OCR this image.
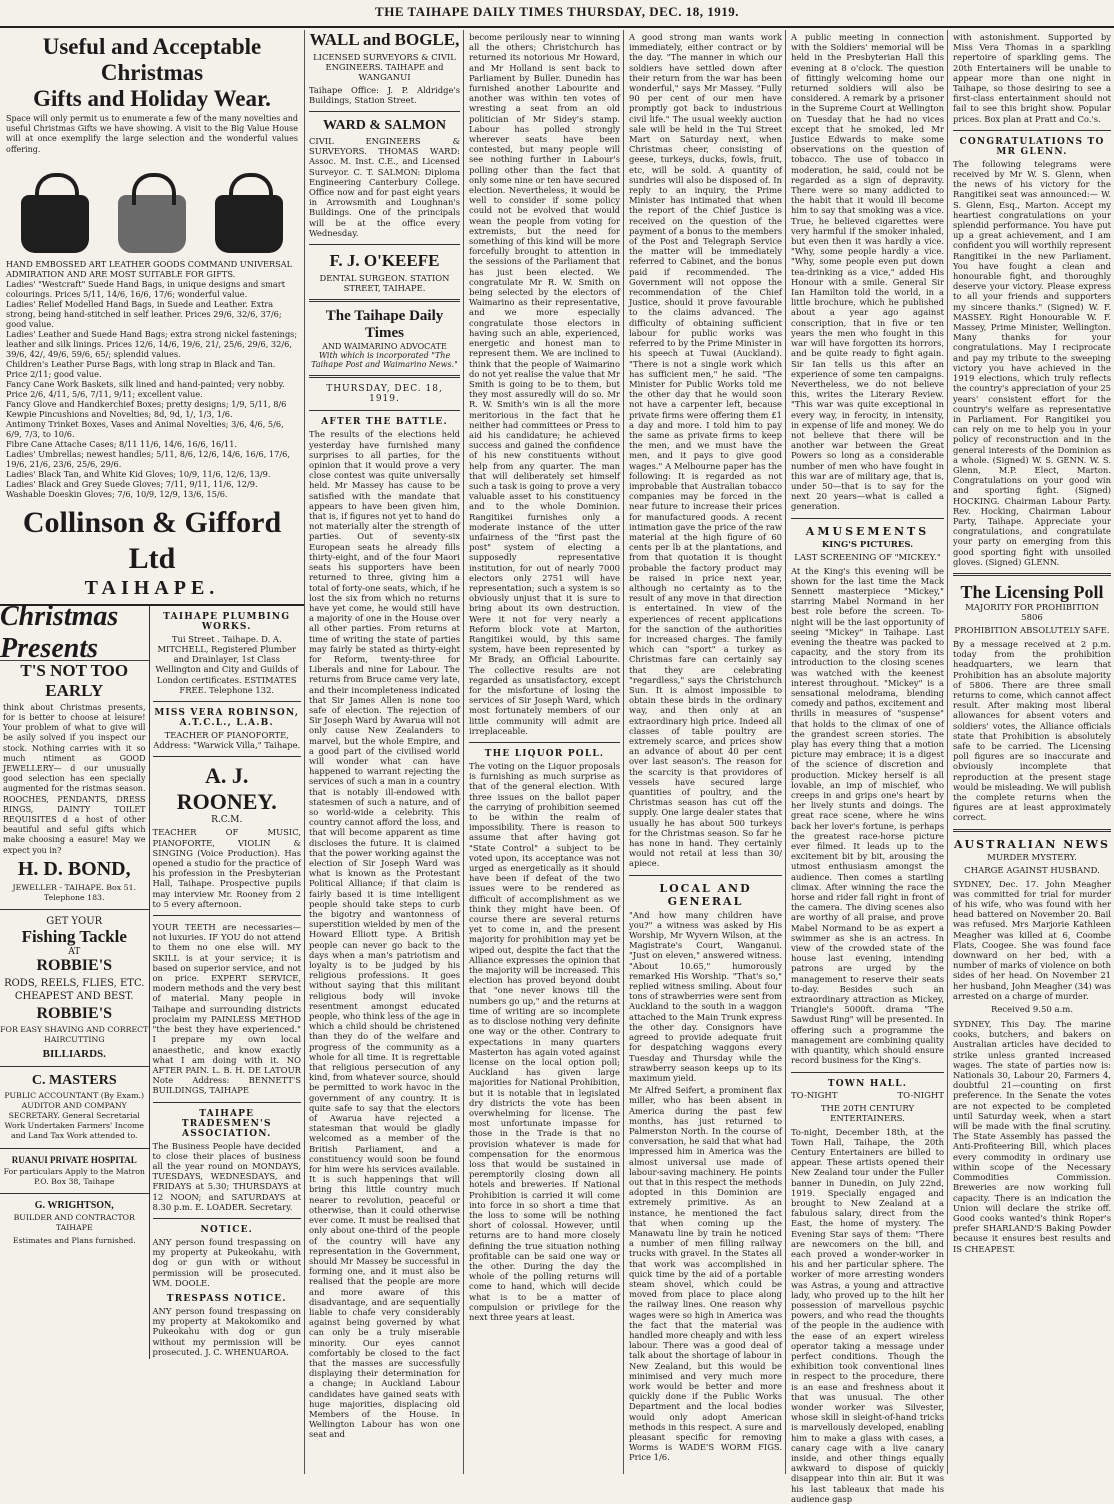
THE TAIHAPE DAILY TIMES THURSDAY, DEC. 18, 1919.
Useful and Acceptable Christmas
Gifts and Holiday Wear.
Space will only permit us to enumerate a few of the many novelties and useful Christmas Gifts we have showing. A visit to the Big Value House will at once exemplify the large selection and the wonderful values offering.
HAND EMBOSSED ART LEATHER GOODS COMMAND UNIVERSAL ADMIRATION AND ARE MOST SUITABLE FOR GIFTS.
Ladies' "Westcraft" Suede Hand Bags, in unique designs and smart colourings. Prices 5/11, 14/6, 16/6, 17/6; wonderful value.
Ladies' Relief Modelled Hand Bags, in Suede and Leather. Extra strong, being hand-stitched in self leather. Prices 29/6, 32/6, 37/6; good value.
Ladies' Leather and Suede Hand Bags; extra strong nickel fastenings; leather and silk linings. Prices 12/6, 14/6, 19/6, 21/, 25/6, 29/6, 32/6, 39/6, 42/, 49/6, 59/6, 65/; splendid values.
Children's Leather Purse Bags, with long strap in Black and Tan. Price 2/11; good value.
Fancy Cane Work Baskets, silk lined and hand-painted; very nobby. Price 2/6, 4/11, 5/6, 7/11, 9/11; excellent value.
Fancy Glove and Handkerchief Boxes; pretty designs; 1/9, 5/11, 8/6
Kewpie Pincushions and Novelties; 8d, 9d, 1/, 1/3, 1/6.
Antimony Trinket Boxes, Vases and Animal Novelties; 3/6, 4/6, 5/6, 6/9, 7/3, to 10/6.
Fibre Cane Attache Cases; 8/11 11/6, 14/6, 16/6, 16/11.
Ladies' Umbrellas; newest handles; 5/11, 8/6, 12/6, 14/6, 16/6, 17/6, 19/6, 21/6, 23/6, 25/6, 29/6.
Ladies' Black Tan, and White Kid Gloves; 10/9, 11/6, 12/6, 13/9.
Ladies' Black and Grey Suede Gloves; 7/11, 9/11, 11/6, 12/9.
Washable Doeskin Gloves; 7/6, 10/9, 12/9, 13/6, 15/6.
Collinson & Gifford Ltd
TAIHAPE.
Christmas Presents
T'S NOT TOO EARLY
think about Christmas presents, for is better to choose at leisure! Your problem of what to give will be asily solved if you inspect our stock. Nothing carries with it so much ntiment as GOOD JEWELLERY— d our unusually good selection has een specially augmented for the ristmas season. ROOCHES, PENDANTS, DRESS RINGS, DAINTY TOILET REQUISITES d a host of other beautiful and seful gifts which make choosing a easure! May we expect you in?
H. D. BOND,
JEWELLER - TAIHAPE. Box 51. Telephone 183.
GET YOUR
Fishing Tackle
AT
ROBBIE'S
RODS, REELS, FLIES, ETC. CHEAPEST AND BEST.
ROBBIE'S
FOR EASY SHAVING AND CORRECT HAIRCUTTING
BILLIARDS.
C. MASTERS
PUBLIC ACCOUNTANT (By Exam.) AUDITOR AND COMPANY SECRETARY. General Secretarial Work Undertaken Farmers' Income and Land Tax Work attended to.
RUANUI PRIVATE HOSPITAL
For particulars Apply to the Matron P.O. Box 38, Taihape
G. WRIGHTSON,
BUILDER AND CONTRACTOR TAIHAPE
Estimates and Plans furnished.
TAIHAPE PLUMBING WORKS.
Tui Street . Taihape. D. A. MITCHELL, Registered Plumber and Drainlayer, 1st Class Wellington and City and Guilds of London certificates. ESTIMATES FREE. Telephone 132.
MISS VERA ROBINSON, A.T.C.L., L.A.B.
TEACHER OF PIANOFORTE, Address: "Warwick Villa," Taihape.
A. J. ROONEY.
R.C.M.
TEACHER OF MUSIC, PIANOFORTE, VIOLIN & SINGING (Voice Production). Has opened a studio for the practice of his profession in the Presbyterian Hall, Taihape. Prospective pupils may interview Mr. Rooney from 2 to 5 every afternoon.
YOUR TEETH are necessaries—not luxuries. IF YOU do not attend to them no one else will. MY SKILL is at your service; it is based on superior service, and not on price. EXPERT SERVICE, modern methods and the very best of material. Many people in Taihape and surrounding districts proclaim my PAINLESS METHOD "the best they have experienced." I prepare my own local anaesthetic, and know exactly what I am doing with it. NO AFTER PAIN. L. B. H. DE LATOUR Note Address: BENNETT'S BUILDINGS, TAIHAPE
TAIHAPE TRADESMEN'S ASSOCIATION.
The Business People have decided to close their places of business all the year round on MONDAYS, TUESDAYS, WEDNESDAYS, and FRIDAYS at 5.30; THURSDAYS at 12 NOON; and SATURDAYS at 8.30 p.m. E. LOADER. Secretary.
NOTICE.
ANY person found trespassing on my property at Pukeokahu, with dog or gun with or without permission will be prosecuted. WM. DOOLE.
TRESPASS NOTICE.
ANY person found trespassing on my property at Makokomiko and Pukeokahu with dog or gun without my permission will be prosecuted. J. C. WHENUAROA.
WALL and BOGLE,
LICENSED SURVEYORS & CIVIL ENGINEERS. TAIHAPE and WANGANUI
Taihape Office: J. P. Aldridge's Buildings, Station Street.
WARD & SALMON
CIVIL ENGINEERS & SURVEYORS. THOMAS WARD: Assoc. M. Inst. C.E., and Licensed Surveyor. C. T. SALMON: Diploma Engineering Canterbury College. Office now and for past eight years in Arrowsmith and Loughnan's Buildings. One of the principals will be at the office every Wednesday.
F. J. O'KEEFE
DENTAL SURGEON. STATION STREET, TAIHAPE.
The Taihape Daily Times
AND WAIMARINO ADVOCATE
With which is incorporated "The Taihape Post and Waimarino News."
THURSDAY, DEC. 18, 1919.
AFTER THE BATTLE.
The results of the elections held yesterday have furnished many surprises to all parties, for the opinion that it would prove a very close contest was quite universally held. Mr Massey has cause to be satisfied with the mandate that appears to have been given him, that is, if figures not yet to hand do not materially alter the strength of parties. Out of seventy-six European seats he already fills thirty-eight, and of the four Maori seats his supporters have been returned to three, giving him a total of forty-one seats, which, if he lost the six from which no returns have yet come, he would still have a majority of one in the House over all other parties. From returns at time of writing the state of parties may fairly be stated as thirty-eight for Reform, twenty-three for Liberals and nine for Labour. The returns from Bruce came very late, and their incompleteness indicated that Sir James Allen is none too safe of election. The rejection of Sir Joseph Ward by Awarua will not only cause New Zealanders to marvel, but the whole Empire, and a good part of the civilised world will wonder what can have happened to warrant rejecting the services of such a man in a country that is notably ill-endowed with statesmen of such a nature, and of so world-wide a celebrity. This country cannot afford the loss, and that will become apparent as time discloses the future. It is claimed that the power working against the election of Sir Joseph Ward was what is known as the Protestant Political Alliance; if that claim is fairly based it is time intelligent people should take steps to curb the bigotry and wantonness of superstition wielded by men of the Howard Elliott type. A British people can never go back to the days when a man's patriotism and loyalty is to be judged by his religious professions. It goes without saying that this militant religious body will invoke resentment amongst educated people, who think less of the age in which a child should be christened than they do of the welfare and progress of the community as a whole for all time. It is regrettable that religious persecution of any kind, from whatever source, should be permitted to work havoc in the government of any country. It is quite safe to say that the electors of Awarua have rejected a statesman that would be gladly welcomed as a member of the British Parliament, and a constituency would soon be found for him were his services available. It is such happenings that will bring this little country much nearer to revolution, peaceful or otherwise, than it could otherwise ever come. It must be realised that only about one-third of the people of the country will have any representation in the Government, should Mr Massey be successful in forming one, and it must also be realised that the people are more and more aware of this disadvantage, and are sequentially liable to chafe very considerably against being governed by what can only be a truly miserable minority. Our eyes cannot comfortably be closed to the fact that the masses are successfully displaying their determination for a change; in Auckland Labour candidates have gained seats with huge majorities, displacing old Members of the House. In Wellington Labour has won one seat and
become perilously near to winning all the others; Christchurch has returned its notorious Mr Howard, and Mr Holland is sent back to Parliament by Buller. Dunedin has furnished another Labourite and another was within ten votes of wresting a seat from an old politician of Mr Sidey's stamp. Labour has polled strongly wherever seats have been contested, but many people will see nothing further in Labour's polling other than the fact that only some nine or ten have secured election. Nevertheless, it would be well to consider if some policy could not be evolved that would wean the people from voting for extremists, but the need for something of this kind will be more forcefully brought to attention in the sessions of the Parliament that has just been elected. We congratulate Mr R. W. Smith on being selected by the electors of Waimarino as their representative, and we more especially congratulate those electors in having such an able, experienced, energetic and honest man to represent them. We are inclined to think that the people of Waimarino do not yet realise the value that Mr Smith is going to be to them, but they most assuredly will do so. Mr R. W. Smith's win is all the more meritorious in the fact that he neither had committees or Press to aid his candidature; he achieved success and gained the confidence of his new constituents without help from any quarter. The man that will deliberately set himself such a task is going to prove a very valuable asset to his constituency and to the whole Dominion. Rangitikei furnishes only a moderate instance of the utter unfairness of the "first past the post" system of electing a supposedly representative institution, for out of nearly 7000 electors only 2751 will have representation; such a system is so obviously unjust that it is sure to bring about its own destruction. Were it not for very nearly a Reform block vote at Marton, Rangitikei would, by this same system, have been represented by Mr Brady, an Official Labourite. The collective results are not regarded as unsatisfactory, except for the misfortune of losing the services of Sir Joseph Ward, which most fortunately members of our little community will admit are irreplaceable.
THE LIQUOR POLL.
The voting on the Liquor proposals is furnishing as much surprise as that of the general election. With three issues on the ballot paper the carrying of prohibition seemed to be within the realm of impossibility. There is reason to assume that after having got "State Control" a subject to be voted upon, its acceptance was not urged as energetically as it should have been if defeat of the two issues were to be rendered as difficult of accomplishment as we think they might have been. Of course there are several returns yet to come in, and the present majority for prohibition may yet be wiped out, despite the fact that the Alliance expresses the opinion that the majority will be increased. This election has proved beyond doubt that "one never knows till the numbers go up," and the returns at time of writing are so incomplete as to disclose nothing very definite one way or the other. Contrary to expectations in many quarters Masterton has again voted against license on the local option poll; Auckland has given large majorities for National Prohibition, but it is notable that in legislated dry districts the vote has been overwhelming for license. The most unfortunate impasse for those in the Trade is that no provision whatever is made for compensation for the enormous loss that would be sustained in peremptorily closing down all hotels and breweries. If National Prohibition is carried it will come into force in so short a time that the loss to some will be nothing short of colossal. However, until returns are to hand more closely defining the true situation nothing profitable can be said one way or the other. During the day the whole of the polling returns will come to hand, which will decide what is to be a matter of compulsion or privilege for the next three years at least.
A good strong man wants work immediately, either contract or by the day. "The manner in which our soldiers have settled down after their return from the war has been wonderful," says Mr Massey. "Fully 90 per cent of our men have promptly got back to industrious civil life." The usual weekly auction sale will be held in the Tui Street Mart on Saturday next, when Christmas cheer, consisting of geese, turkeys, ducks, fowls, fruit, etc, will be sold. A quantity of sundries will also be disposed of. In reply to an inquiry, the Prime Minister has intimated that when the report of the Chief Justice is received on the question of the payment of a bonus to the members of the Post and Telegraph Service the matter will be immediately referred to Cabinet, and the bonus paid if recommended. The Government will not oppose the recommendation of the Chief Justice, should it prove favourable to the claims advanced. The difficulty of obtaining sufficient labour for public works was referred to by the Prime Minister in his speech at Tuwai (Auckland). "There is not a single work which has sufficient men," he said. "The Minister for Public Works told me the other day that he would soon not have a carpenter left, because private firms were offering them £1 a day and more. I told him to pay the same as private firms to keep the men, and we must have the men, and it pays to give good wages." A Melbourne paper has the following: It is regarded as not improbable that Australian tobacco companies may be forced in the near future to increase their prices for manufactured goods. A recent intimation gave the price of the raw material at the high figure of 60 cents per lb at the plantations, and from that quotation it is thought probable the factory product may be raised in price next year, although no certainty as to the result of any move in that direction is entertained. In view of the experiences of recent applications for the sanction of the authorities for increased charges. The family which can "sport" a turkey as Christmas fare can certainly say that they are celebrating "regardless," says the Christchurch Sun. It is almost impossible to obtain these birds in the ordinary way, and then only at an extraordinary high price. Indeed all classes of table poultry are extremely scarce, and prices show an advance of about 40 per cent over last season's. The reason for the scarcity is that providores of vessels have secured large quantities of poultry, and the Christmas season has cut off the supply. One large dealer states that usually he has about 500 turkeys for the Christmas season. So far he has none in hand. They certainly would not retail at less than 30/ apiece.
LOCAL AND GENERAL
"And how many children have you?" a witness was asked by His Worship, Mr Wyvern Wilson, at the Magistrate's Court, Wanganui. "Just on eleven," answered witness. "About 10.65," humorously remarked His Worship. "That's so," replied witness smiling. About four tons of strawberries were sent from Auckland to the south in a waggon attached to the Main Trunk express the other day. Consignors have agreed to provide adequate fruit for despatching waggons every Tuesday and Thursday while the strawberry season keeps up to its maximum yield.
Mr Alfred Seifert, a prominent flax miller, who has been absent in America during the past few months, has just returned to Palmerston North. In the course of conversation, he said that what had impressed him in America was the almost universal use made of labour-saving machinery. He points out that in this respect the methods adopted in this Dominion are extremely primitive. As an instance, he mentioned the fact that when coming up the Manawatu line by train he noticed a number of men filling railway trucks with gravel. In the States all that work was accomplished in quick time by the aid of a portable steam shovel, which could be moved from place to place along the railway lines. One reason why wages were so high in America was the fact that the material was handled more cheaply and with less labour. There was a good deal of talk about the shortage of labour in New Zealand, but this would be minimised and very much more work would be better and more quickly done if the Public Works Department and the local bodies would only adopt American methods in this respect. A sure and pleasant specific for removing Worms is WADE'S WORM FIGS. Price 1/6.
A public meeting in connection with the Soldiers' memorial will be held in the Presbyterian Hall this evening at 8 o'clock. The question of fittingly welcoming home our returned soldiers will also be considered. A remark by a prisoner in the Supreme Court at Wellington on Tuesday that he had no vices except that he smoked, led Mr Justice Edwards to make some observations on the question of tobacco. The use of tobacco in moderation, he said, could not be regarded as a sign of depravity. There were so many addicted to the habit that it would ill become him to say that smoking was a vice. True, he believed cigarettes were very harmful if the smoker inhaled, but even then it was hardly a vice. "Why, some people hardly a vice. "Why, some people even put down tea-drinking as a vice," added His Honour with a smile. General Sir Ian Hamilton told the world, in a little brochure, which he published about a year ago against conscription, that in five or ten years the men who fought in this war will have forgotten its horrors, and be quite ready to fight again. Sir Ian tells us this after an experience of some ten campaigns. Nevertheless, we do not believe this, writes the Literary Review. "This war was quite exceptional in every way, in ferocity, in intensity, in expense of life and money. We do not believe that there will be another war between the Great Powers so long as a considerable number of men who have fought in this war are of military age, that is, under 50—that is to say for the next 20 years—what is called a generation.
AMUSEMENTS
KING'S PICTURES.
LAST SCREENING OF "MICKEY."
At the King's this evening will be shown for the last time the Mack Sennett masterpiece "Mickey," starring Mabel Normand in her best role before the screen. To-night will be the last opportunity of seeing "Mickey" in Taihape. Last evening the theatre was packed to capacity, and the story from its introduction to the closing scenes was watched with the keenest interest throughout. "Mickey" is a sensational melodrama, blending comedy and pathos, excitement and thrills in measures of "suspense" that holds to the climax of one of the grandest screen stories. The play has every thing that a motion picture may embrace; it is a digest of the science of discretion and production. Mickey herself is all lovable, an imp of mischief, who creeps in and grips one's heart by her lively stunts and doings. The great race scene, where he wins back her lover's fortune, is perhaps the greatest race-horse picture ever filmed. It leads up to the excitement bit by bit, arousing the utmost enthusiasm amongst the audience. Then comes a startling climax. After winning the race the horse and rider fall right in front of the camera. The diving scenes also are worthy of all praise, and prove Mabel Normand to be as expert a swimmer as she is an actress. In view of the crowded state of the house last evening, intending patrons are urged by the management to reserve their seats to-day. Besides such an extraordinary attraction as Mickey, Triangle's 5000ft. drama "The Sawdust Ring" will be presented. In offering such a programme the management are combining quality with quantity, which should ensure record business for the King's.
TOWN HALL.
TO-NIGHT	TO-NIGHT
THE 20TH CENTURY ENTERTAINERS.
To-night, December 18th, at the Town Hall, Taihape, the 20th Century Entertainers are billed to appear. These artists opened their New Zealand tour under the Fuller banner in Dunedin, on July 22nd, 1919. Specially engaged and brought to New Zealand at a fabulous salary, direct from the East, the home of mystery. The Evening Star says of them: "There are newcomers on the bill, and each proved a wonder-worker in his and her particular sphere. The worker of more arresting wonders was Astras, a young and attractive lady, who proved up to the hilt her possession of marvellous psychic powers, and who read the thoughts of the people in the audience with the ease of an expert wireless operator taking a message under perfect conditions. Though the exhibition took conventional lines in respect to the procedure, there is an ease and freshness about it that was unusual. The other wonder worker was Silvester, whose skill in sleight-of-hand tricks is marvellously developed, enabling him to make a glass with cases, a canary cage with a live canary inside, and other things equally awkward to dispose of quickly disappear into thin air. But it was his last tableaux that made his audience gasp
with astonishment. Supported by Miss Vera Thomas in a sparkling repertoire of sparkling gems. The 20th Entertainers will be unable to appear more than one night in Taihape, so those desiring to see a first-class entertainment should not fail to see this bright show. Popular prices. Box plan at Pratt and Co.'s.
CONGRATULATIONS TO MR GLENN.
The following telegrams were received by Mr W. S. Glenn, when the news of his victory for the Rangitikei seat was announced:— W. S. Glenn, Esq., Marton. Accept my heartiest congratulations on your splendid performance. You have put up a great achievement, and I am confident you will worthily represent Rangitikei in the new Parliament. You have fought a clean and honourable fight, and thoroughly deserve your victory. Please express to all your friends and supporters my sincere thanks." (Signed) W. F. MASSEY. Right Honourable W. F. Massey, Prime Minister, Wellington. Many thanks for your congratulations. May I reciprocate and pay my tribute to the sweeping victory you have achieved in the 1919 elections, which truly reflects the country's appreciation of your 25 years' consistent effort for the country's welfare as representative in Parliament. For Rangitikei you can rely on me to help you in your policy of reconstruction and in the general interests of the Dominion as a whole. (Signed) W. S. GENN. W. S. Glenn, M.P. Elect, Marton. Congratulations on your good win and sporting fight. (Signed) HOCKING. Chairman Labour Party. Rev. Hocking, Chairman Labour Party, Taihape. Appreciate your congratulations, and congratulate your party on emerging from this good sporting fight with unsoiled gloves. (Signed) GLENN.
The Licensing Poll
MAJORITY FOR PROHIBITION 5806
PROHIBITION ABSOLUTELY SAFE.
By a message received at 2 p.m. today from the prohibition headquarters, we learn that Prohibition has an absolute majority of 5806. There are three small returns to come, which cannot affect result. After making most liberal allowances for absent voters and soldiers' votes, the Alliance officials state that Prohibition is absolutely safe to be carried. The Licensing poll figures are so inaccurate and obviously incomplete that reproduction at the present stage would be misleading. We will publish the complete returns when the figures are at least approximately correct.
AUSTRALIAN NEWS
MURDER MYSTERY.
CHARGE AGAINST HUSBAND.
SYDNEY, Dec. 17. John Meagher was committed for trial for murder of his wife, who was found with her head battered on November 20. Bail was refused. Mrs Marjorie Kathleen Meagher was killed at 6, Coombe Flats, Coogee. She was found face downward on her bed, with a number of marks of violence on both sides of her head. On November 21 her husband, John Meagher (34) was arrested on a charge of murder.
Received 9.50 a.m.
SYDNEY, This Day. The marine cooks, butchers, and bakers on Australian articles have decided to strike unless granted increased wages. The state of parties now is: Nationals 30, Labour 20, Farmers 4, doubtful 21—counting on first preference. In the Senate the votes are not expected to be completed until Saturday week, when a start will be made with the final scrutiny. The State Assembly has passed the Anti-Profiteering Bill, which places every commodity in ordinary use within scope of the Necessary Commodities Commission. Breweries are now working full capacity. There is an indication the Union will declare the strike off. Good cooks wanted's think Roper's prefer SHARLAND'S Baking Powder because it ensures best results and IS CHEAPEST.
